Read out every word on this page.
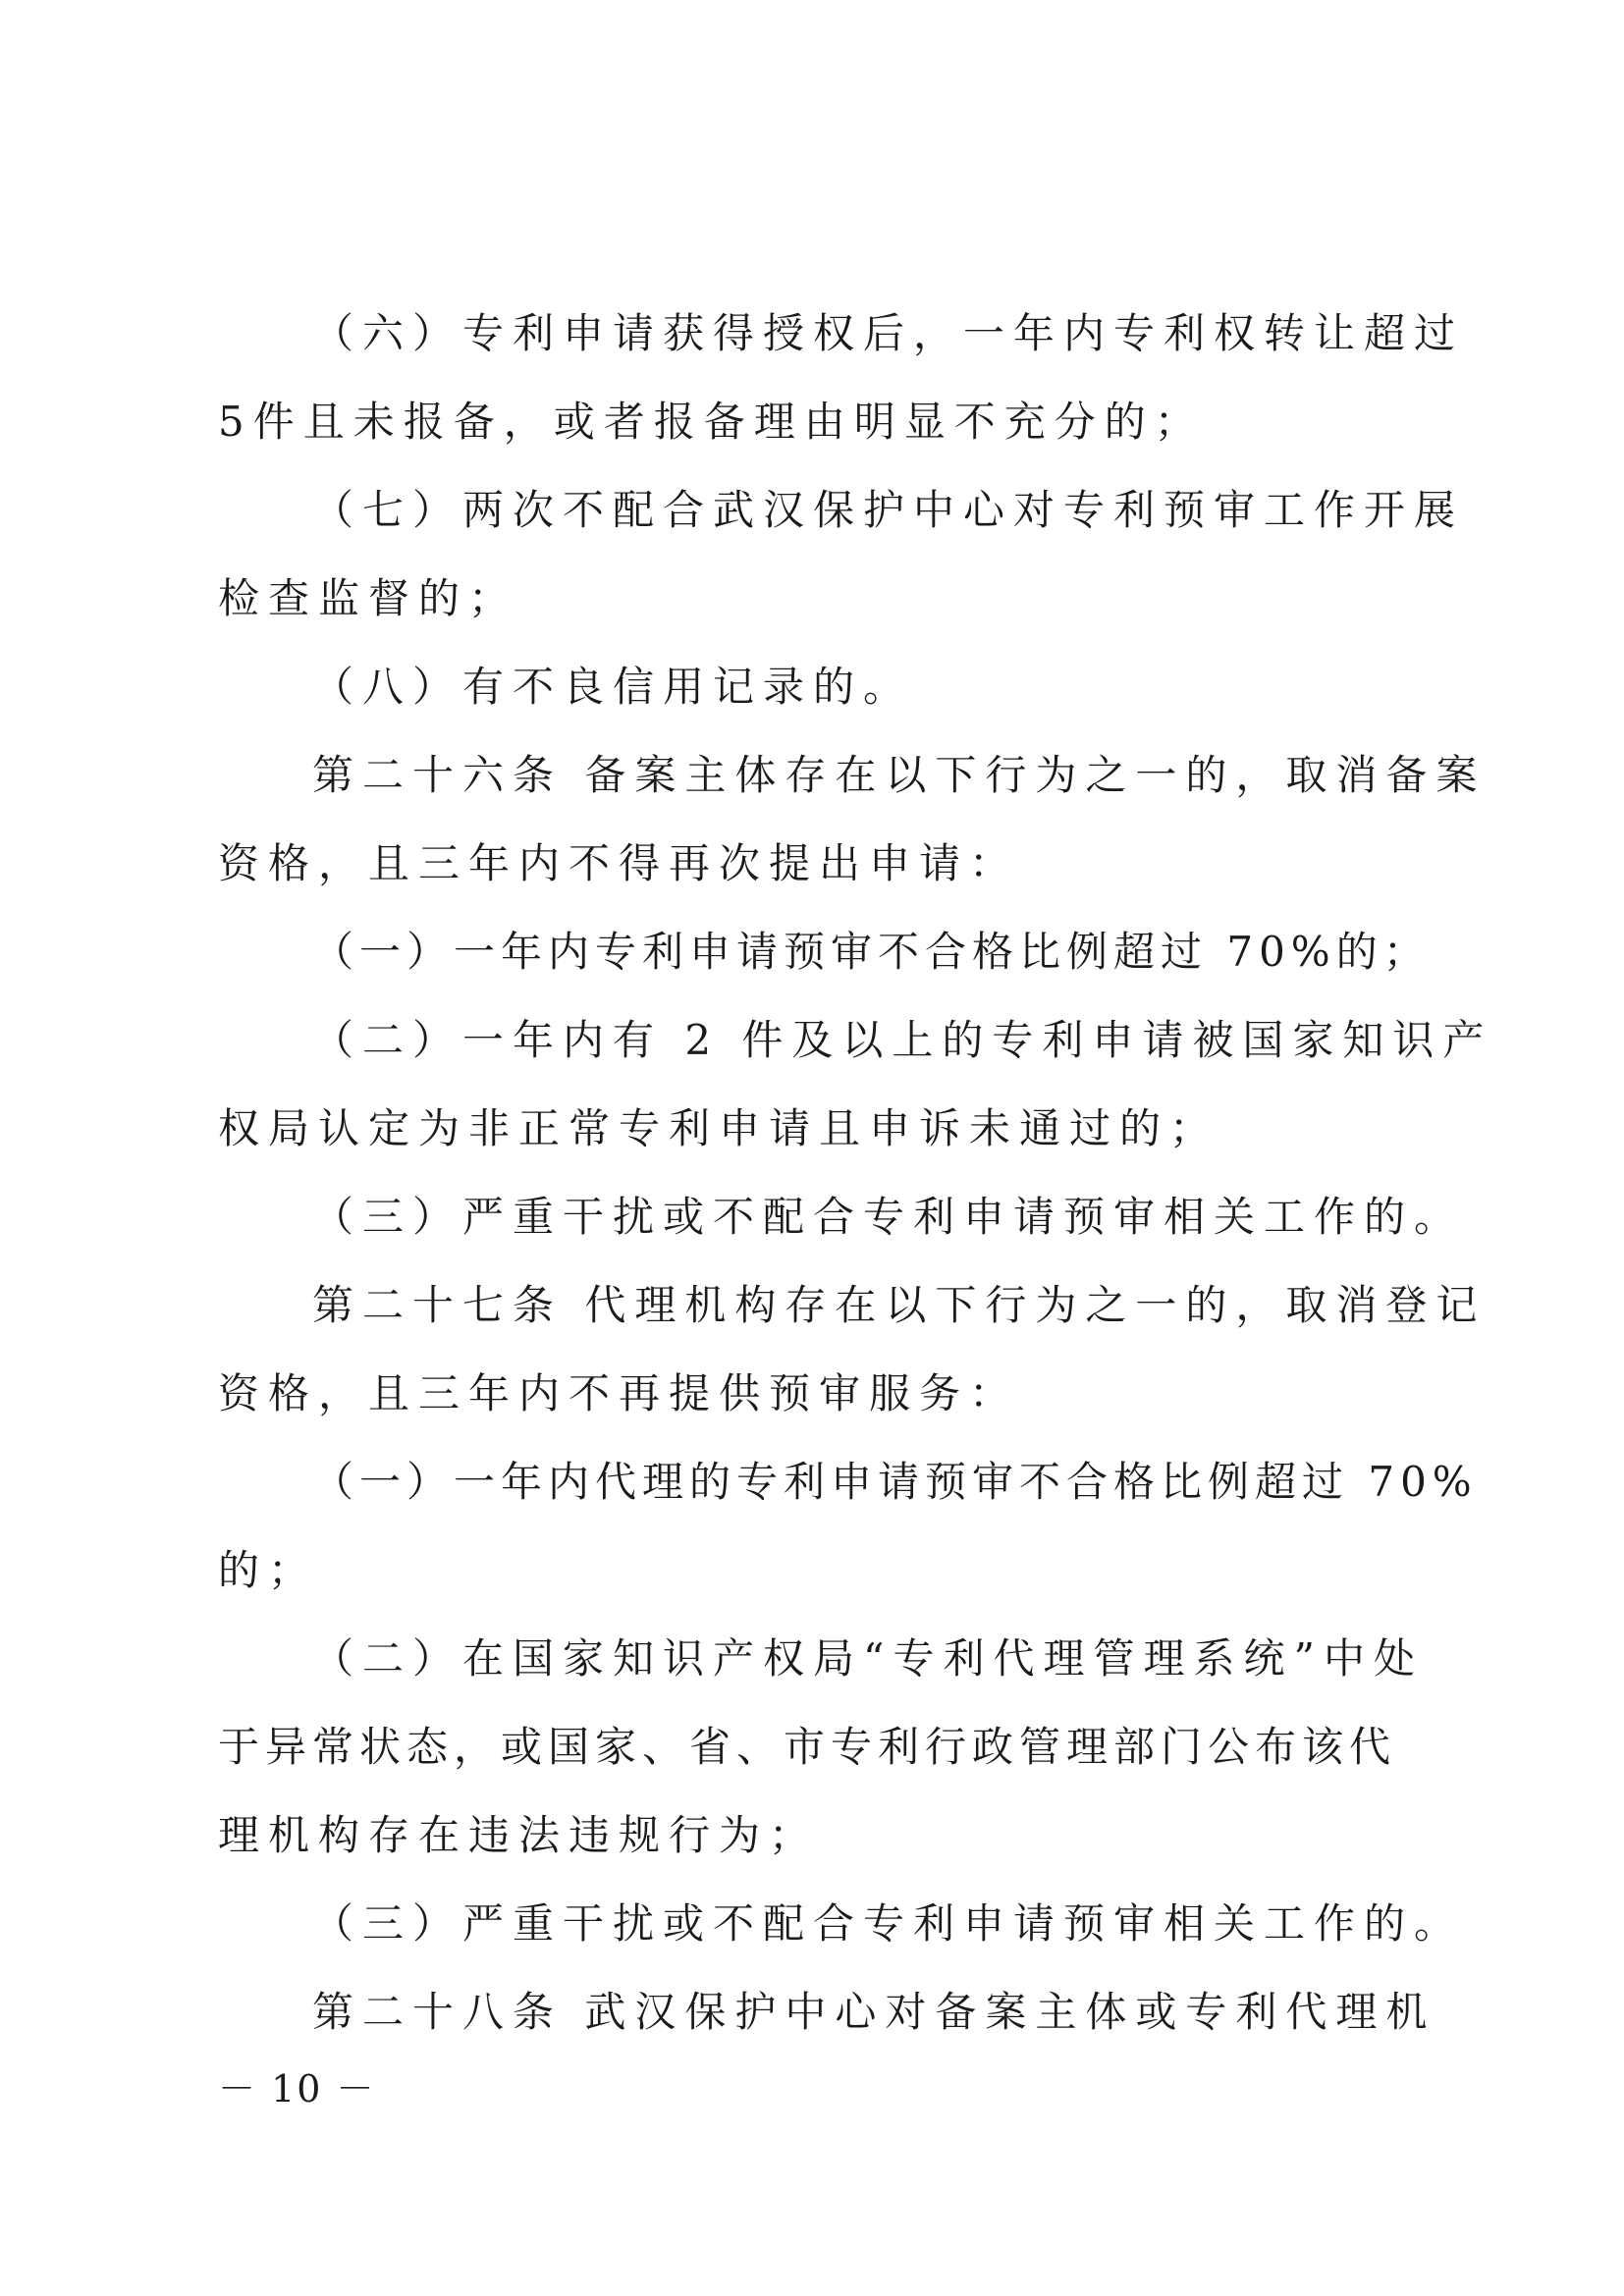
（六）专利申请获得授权后，一年内专利权转让超过
5件且未报备，或者报备理由明显不充分的；
（七）两次不配合武汉保护中心对专利预审工作开展
检查监督的；
（八）有不良信用记录的。
第二十六条 备案主体存在以下行为之一的，取消备案
资格，且三年内不得再次提出申请：
（一）一年内专利申请预审不合格比例超过 70%的；
（二）一年内有 2 件及以上的专利申请被国家知识产
权局认定为非正常专利申请且申诉未通过的；
（三）严重干扰或不配合专利申请预审相关工作的。
第二十七条 代理机构存在以下行为之一的，取消登记
资格，且三年内不再提供预审服务：
（一）一年内代理的专利申请预审不合格比例超过 70%
的；
（二）在国家知识产权局“专利代理管理系统”中处
于异常状态，或国家、省、市专利行政管理部门公布该代
理机构存在违法违规行为；
（三）严重干扰或不配合专利申请预审相关工作的。
第二十八条 武汉保护中心对备案主体或专利代理机
－ 10 －
